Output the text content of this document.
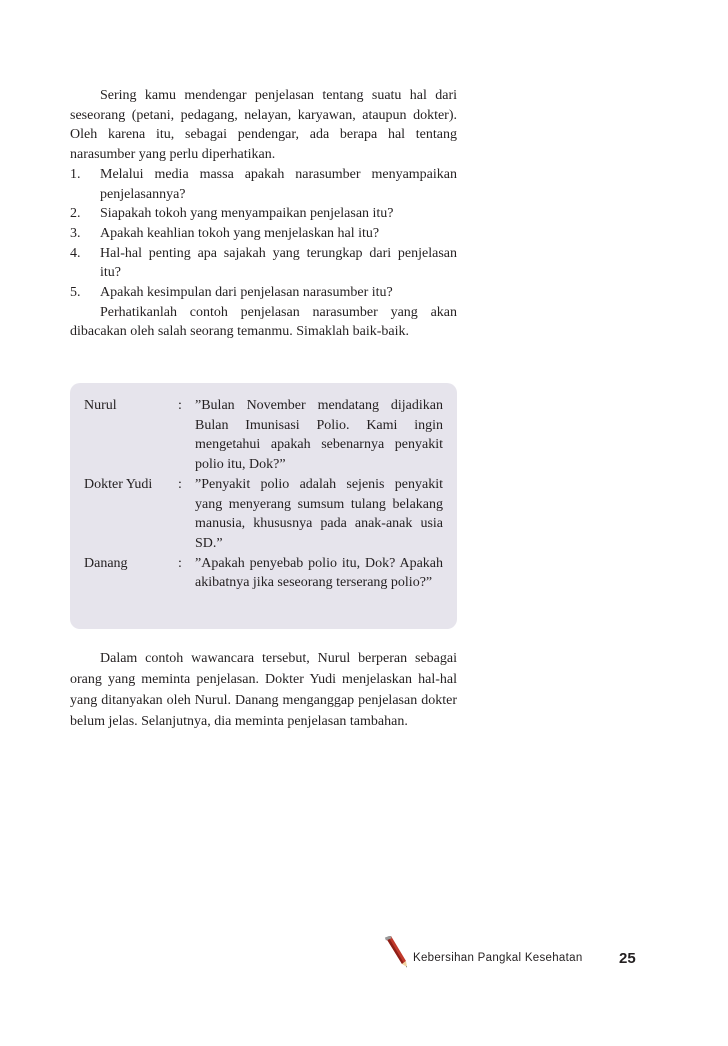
Sering kamu mendengar penjelasan tentang suatu hal dari seseorang (petani, pedagang, nelayan, karyawan, ataupun dokter). Oleh karena itu, sebagai pendengar, ada berapa hal tentang narasumber yang perlu diperhatikan.

1.	Melalui media massa apakah narasumber menyampaikan penjelasannya?
2.	Siapakah tokoh yang menyampaikan penjelasan itu?
3.	Apakah keahlian tokoh yang menjelaskan hal itu?
4.	Hal-hal penting apa sajakah yang terungkap dari penjelasan itu?
5.	Apakah kesimpulan dari penjelasan narasumber itu?

Perhatikanlah contoh penjelasan narasumber yang akan dibacakan oleh salah seorang temanmu. Simaklah baik-baik.

Nurul	: ”Bulan November mendatang dijadikan Bulan Imunisasi Polio. Kami ingin mengetahui apakah sebenarnya penyakit polio itu, Dok?”
Dokter Yudi	: ”Penyakit polio adalah sejenis penyakit yang menyerang sumsum tulang belakang manusia, khususnya pada anak-anak usia SD.”
Danang	: ”Apakah penyebab polio itu, Dok? Apakah akibatnya jika seseorang terserang polio?”

Dalam contoh wawancara tersebut, Nurul berperan sebagai orang yang meminta penjelasan. Dokter Yudi menjelaskan hal-hal yang ditanyakan oleh Nurul. Danang menganggap penjelasan dokter belum jelas. Selanjutnya, dia meminta penjelasan tambahan.

Kebersihan Pangkal Kesehatan 25
